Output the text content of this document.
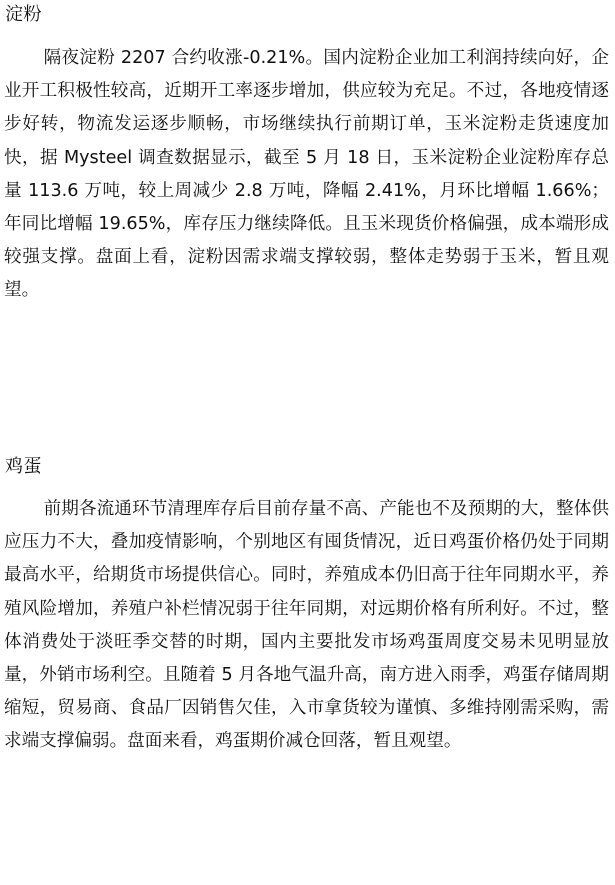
淀粉

隔夜淀粉 2207 合约收涨-0.21%。国内淀粉企业加工利润持续向好，企业开工积极性较高，近期开工率逐步增加，供应较为充足。不过，各地疫情逐步好转，物流发运逐步顺畅，市场继续执行前期订单，玉米淀粉走货速度加快，据 Mysteel 调查数据显示，截至 5 月 18 日，玉米淀粉企业淀粉库存总量 113.6 万吨，较上周减少 2.8 万吨，降幅 2.41%，月环比增幅 1.66%；年同比增幅 19.65%，库存压力继续降低。且玉米现货价格偏强，成本端形成较强支撑。盘面上看，淀粉因需求端支撑较弱，整体走势弱于玉米，暂且观望。

鸡蛋

前期各流通环节清理库存后目前存量不高、产能也不及预期的大，整体供应压力不大，叠加疫情影响，个别地区有囤货情况，近日鸡蛋价格仍处于同期最高水平，给期货市场提供信心。同时，养殖成本仍旧高于往年同期水平，养殖风险增加，养殖户补栏情况弱于往年同期，对远期价格有所利好。不过，整体消费处于淡旺季交替的时期，国内主要批发市场鸡蛋周度交易未见明显放量，外销市场利空。且随着 5 月各地气温升高，南方进入雨季，鸡蛋存储周期缩短，贸易商、食品厂因销售欠佳，入市拿货较为谨慎、多维持刚需采购，需求端支撑偏弱。盘面来看，鸡蛋期价减仓回落，暂且观望。
